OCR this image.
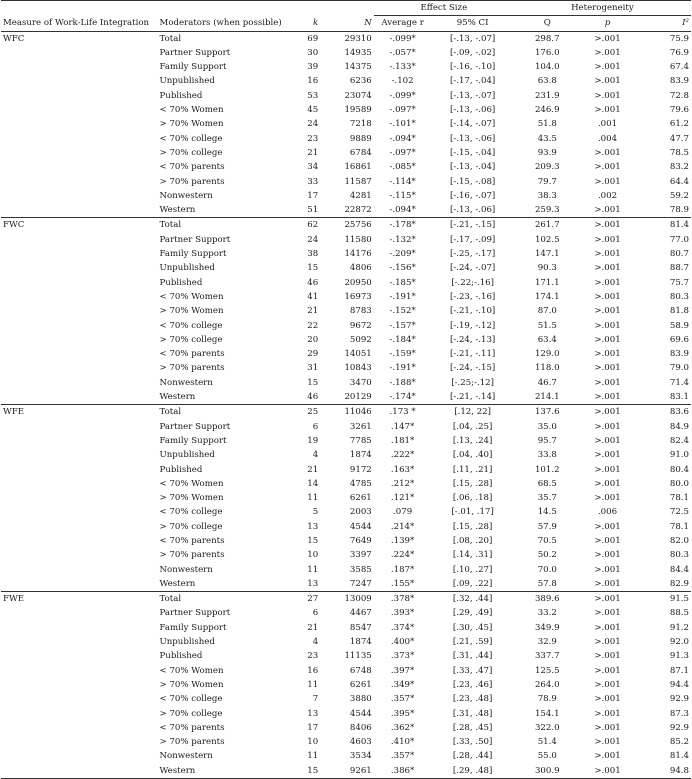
				Effect Size		Heterogeneity		
Measure of Work-Life Integration	Moderators (when possible)	k	N	Average r	95% CI	Q	p	I²
WFC	Total	69	29310	-.099*	[-.13, -.07]	298.7	>.001	75.9
	Partner Support	30	14935	-.057*	[-.09, -.02]	176.0	>.001	76.9
	Family Support	39	14375	-.133*	[-.16, -.10]	104.0	>.001	67.4
	Unpublished	16	6236	-.102	[-.17, -.04]	63.8	>.001	83.9
	Published	53	23074	-.099*	[-.13, -.07]	231.9	>.001	72.8
	< 70% Women	45	19589	-.097*	[-.13, -.06]	246.9	>.001	79.6
	> 70% Women	24	7218	-.101*	[-.14, -.07]	51.8	.001	61.2
	< 70% college	23	9889	-.094*	[-.13, -.06]	43.5	.004	47.7
	> 70% college	21	6784	-.097*	[-.15, -.04]	93.9	>.001	78.5
	< 70% parents	34	16861	-.085*	[-.13, -.04]	209.3	>.001	83.2
	> 70% parents	33	11587	-.114*	[-.15, -.08]	79.7	>.001	64.4
	Nonwestern	17	4281	-.115*	[-.16, -.07]	38.3	.002	59.2
	Western	51	22872	-.094*	[-.13, -.06]	259.3	>.001	78.9
FWC	Total	62	25756	-.178*	[-.21, -.15]	261.7	>.001	81.4
	Partner Support	24	11580	-.132*	[-.17, -.09]	102.5	>.001	77.0
	Family Support	38	14176	-.209*	[-.25, -.17]	147.1	>.001	80.7
	Unpublished	15	4806	-.156*	[-.24, -.07]	90.3	>.001	88.7
	Published	46	20950	-.185*	[-.22;-.16]	171.1	>.001	75.7
	< 70% Women	41	16973	-.191*	[-.23, -.16]	174.1	>.001	80.3
	> 70% Women	21	8783	-.152*	[-.21, -.10]	87.0	>.001	81.8
	< 70% college	22	9672	-.157*	[-.19, -.12]	51.5	>.001	58.9
	> 70% college	20	5092	-.184*	[-.24, -.13]	63.4	>.001	69.6
	< 70% parents	29	14051	-.159*	[-.21, -.11]	129.0	>.001	83.9
	> 70% parents	31	10843	-.191*	[-.24, -.15]	118.0	>.001	79.0
	Nonwestern	15	3470	-.188*	[-.25;-.12]	46.7	>.001	71.4
	Western	46	20129	-.174*	[-.21, -.14]	214.1	>.001	83.1
WFE	Total	25	11046	.173 *	[.12, 22]	137.6	>.001	83.6
	Partner Support	6	3261	.147*	[.04, .25]	35.0	>.001	84.9
	Family Support	19	7785	.181*	[.13, .24]	95.7	>.001	82.4
	Unpublished	4	1874	.222*	[.04, .40]	33.8	>.001	91.0
	Published	21	9172	.163*	[.11, .21]	101.2	>.001	80.4
	< 70% Women	14	4785	.212*	[.15, .28]	68.5	>.001	80.0
	> 70% Women	11	6261	.121*	[.06, .18]	35.7	>.001	78.1
	< 70% college	5	2003	.079	[-.01, .17]	14.5	.006	72.5
	> 70% college	13	4544	.214*	[.15, .28]	57.9	>.001	78.1
	< 70% parents	15	7649	.139*	[.08, .20]	70.5	>.001	82.0
	> 70% parents	10	3397	.224*	[.14, .31]	50.2	>.001	80.3
	Nonwestern	11	3585	.187*	[.10, .27]	70.0	>.001	84.4
	Western	13	7247	.155*	[.09, .22]	57.8	>.001	82.9
FWE	Total	27	13009	.378*	[.32, .44]	389.6	>.001	91.5
	Partner Support	6	4467	.393*	[.29, .49]	33.2	>.001	88.5
	Family Support	21	8547	.374*	[.30, .45]	349.9	>.001	91.2
	Unpublished	4	1874	.400*	[.21, .59]	32.9	>.001	92.0
	Published	23	11135	.373*	[.31, .44]	337.7	>.001	91.3
	< 70% Women	16	6748	.397*	[.33, .47]	125.5	>.001	87.1
	> 70% Women	11	6261	.349*	[.23, .46]	264.0	>.001	94.4
	< 70% college	7	3880	.357*	[.23, .48]	78.9	>.001	92.9
	> 70% college	13	4544	.395*	[.31, .48]	154.1	>.001	87.3
	< 70% parents	17	8406	.362*	[.28, .45]	322.0	>.001	92.9
	> 70% parents	10	4603	.410*	[.33, .50]	51.4	>.001	85.2
	Nonwestern	11	3534	.357*	[.28, .44]	55.0	>.001	81.4
	Western	15	9261	.386*	[.29, .48]	300.9	>.001	94.8
